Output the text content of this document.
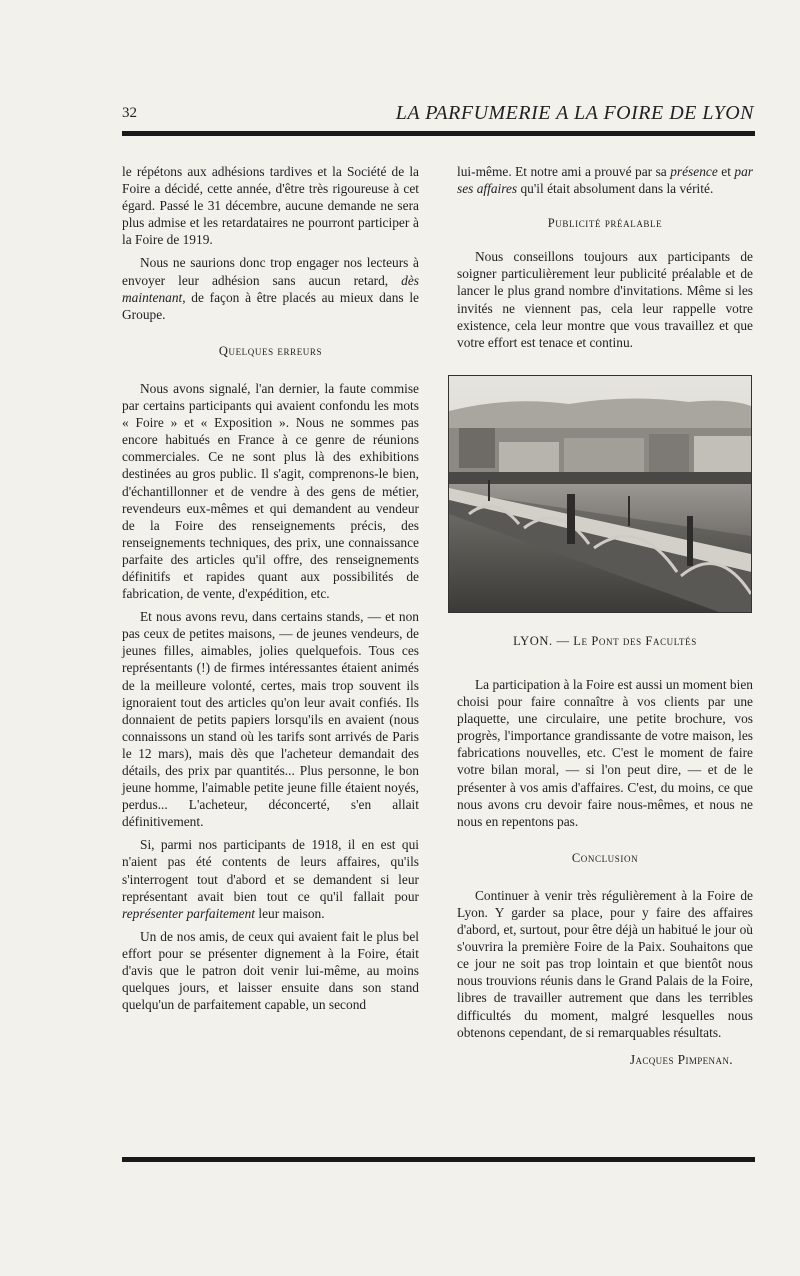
32	LA PARFUMERIE A LA FOIRE DE LYON

le répétons aux adhésions tardives et la Société de la Foire a décidé, cette année, d'être très rigoureuse à cet égard. Passé le 31 décembre, aucune demande ne sera plus admise et les retardataires ne pourront participer à la Foire de 1919.

Nous ne saurions donc trop engager nos lecteurs à envoyer leur adhésion sans aucun retard, dès maintenant, de façon à être placés au mieux dans le Groupe.

Quelques erreurs

Nous avons signalé, l'an dernier, la faute commise par certains participants qui avaient confondu les mots « Foire » et « Exposition ». Nous ne sommes pas encore habitués en France à ce genre de réunions commerciales. Ce ne sont plus là des exhibitions destinées au gros public. Il s'agit, comprenons-le bien, d'échantillonner et de vendre à des gens de métier, revendeurs eux-mêmes et qui demandent au vendeur de la Foire des renseignements précis, des renseignements techniques, des prix, une connaissance parfaite des articles qu'il offre, des renseignements définitifs et rapides quant aux possibilités de fabrication, de vente, d'expédition, etc.

Et nous avons revu, dans certains stands, — et non pas ceux de petites maisons, — de jeunes vendeurs, de jeunes filles, aimables, jolies quelquefois. Tous ces représentants (!) de firmes intéressantes étaient animés de la meilleure volonté, certes, mais trop souvent ils ignoraient tout des articles qu'on leur avait confiés. Ils donnaient de petits papiers lorsqu'ils en avaient (nous connaissons un stand où les tarifs sont arrivés de Paris le 12 mars), mais dès que l'acheteur demandait des détails, des prix par quantités... Plus personne, le bon jeune homme, l'aimable petite jeune fille étaient noyés, perdus... L'acheteur, déconcerté, s'en allait définitivement.

Si, parmi nos participants de 1918, il en est qui n'aient pas été contents de leurs affaires, qu'ils s'interrogent tout d'abord et se demandent si leur représentant avait bien tout ce qu'il fallait pour représenter parfaitement leur maison.

Un de nos amis, de ceux qui avaient fait le plus bel effort pour se présenter dignement à la Foire, était d'avis que le patron doit venir lui-même, au moins quelques jours, et laisser ensuite dans son stand quelqu'un de parfaitement capable, un second

lui-même. Et notre ami a prouvé par sa présence et par ses affaires qu'il était absolument dans la vérité.

Publicité préalable

Nous conseillons toujours aux participants de soigner particulièrement leur publicité préalable et de lancer le plus grand nombre d'invitations. Même si les invités ne viennent pas, cela leur rappelle votre existence, cela leur montre que vous travaillez et que votre effort est tenace et continu.

LYON. — Le Pont des Facultés

La participation à la Foire est aussi un moment bien choisi pour faire connaître à vos clients par une plaquette, une circulaire, une petite brochure, vos progrès, l'importance grandissante de votre maison, les fabrications nouvelles, etc. C'est le moment de faire votre bilan moral, — si l'on peut dire, — et de le présenter à vos amis d'affaires. C'est, du moins, ce que nous avons cru devoir faire nous-mêmes, et nous ne nous en repentons pas.

Conclusion

Continuer à venir très régulièrement à la Foire de Lyon. Y garder sa place, pour y faire des affaires d'abord, et, surtout, pour être déjà un habitué le jour où s'ouvrira la première Foire de la Paix. Souhaitons que ce jour ne soit pas trop lointain et que bientôt nous nous trouvions réunis dans le Grand Palais de la Foire, libres de travailler autrement que dans les terribles difficultés du moment, malgré lesquelles nous obtenons cependant, de si remarquables résultats.

Jacques Pimpenan.
